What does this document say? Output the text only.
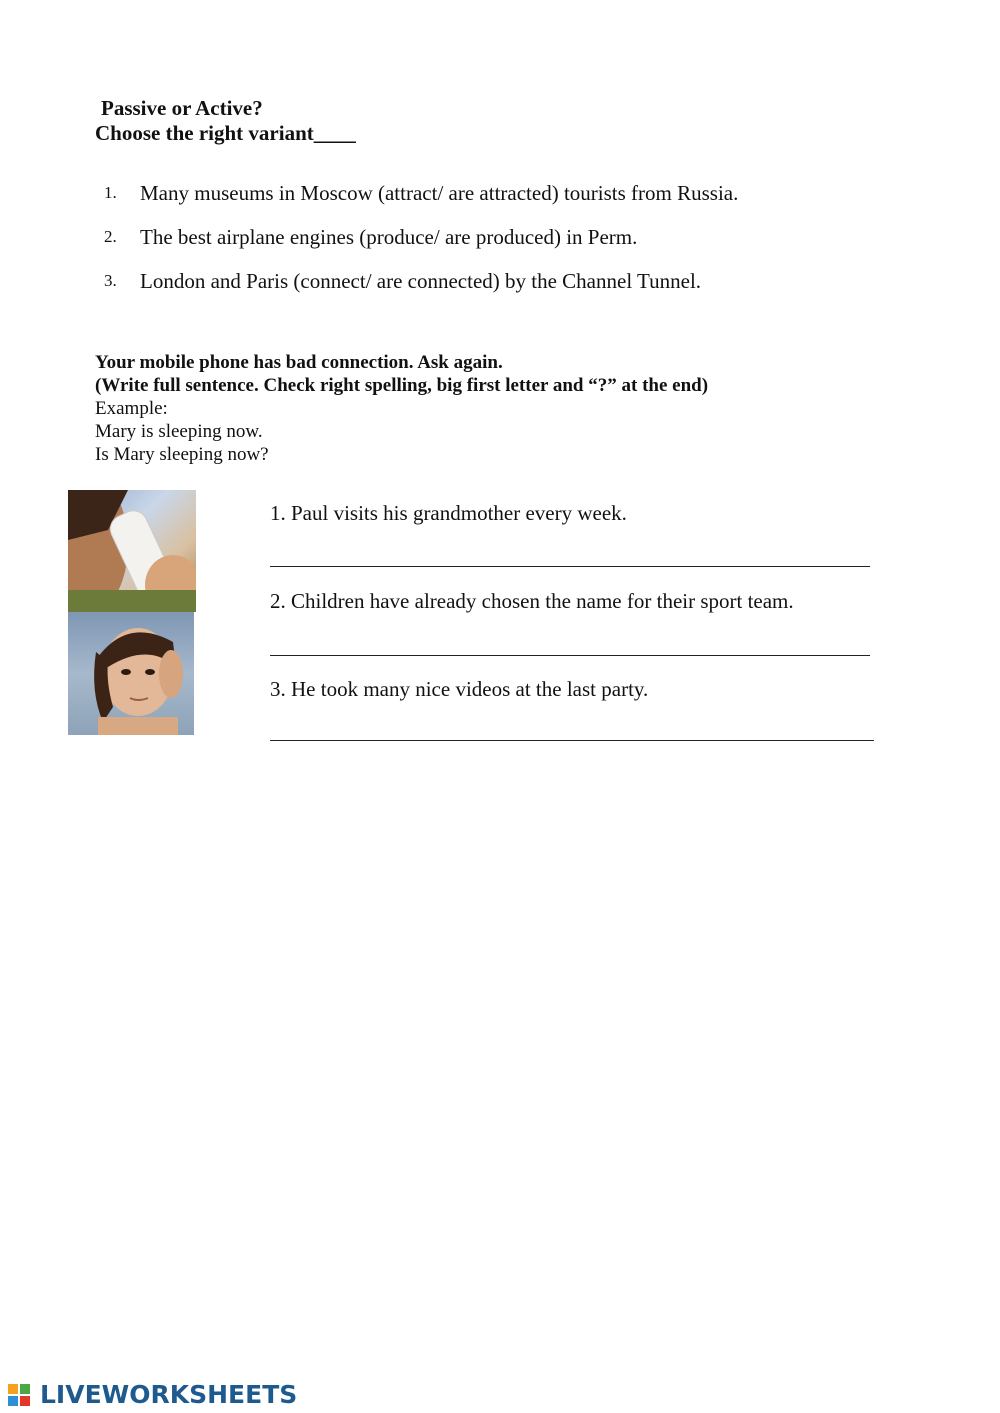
Passive or Active?
Choose the right variant____
1. Many museums in Moscow (attract/ are attracted) tourists from Russia.
2. The best airplane engines (produce/ are produced) in Perm.
3. London and Paris (connect/ are connected) by the Channel Tunnel.
Your mobile phone has bad connection. Ask again.
(Write full sentence. Check right spelling, big first letter and “?” at the end)
Example:
Mary is sleeping now.
Is Mary sleeping now?
1. Paul visits his grandmother every week.
2. Children have already chosen the name for their sport team.
3. He took many nice videos at the last party.
LIVEWORKSHEETS
